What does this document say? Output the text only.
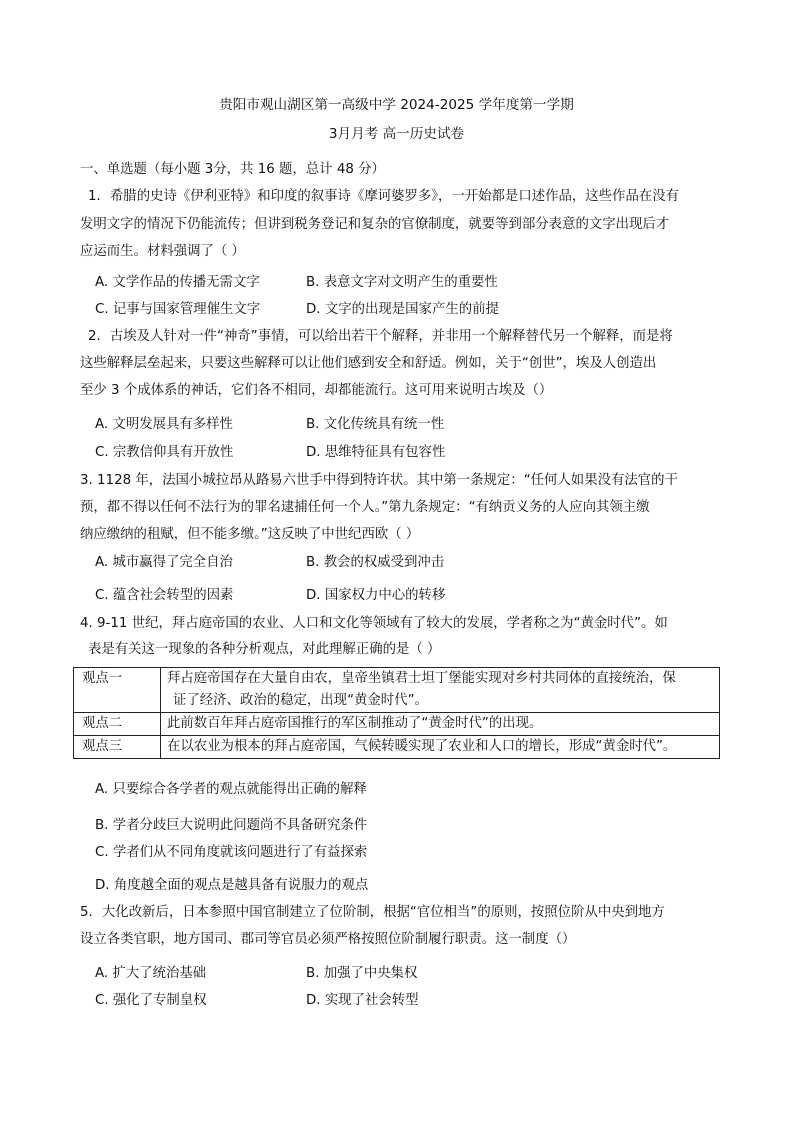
贵阳市观山湖区第一高级中学 2024-2025 学年度第一学期
3月月考 高一历史试卷
一、单选题（每小题 3分，共 16 题，总计 48 分）
1．希腊的史诗《伊利亚特》和印度的叙事诗《摩诃婆罗多》，一开始都是口述作品，这些作品在没有
发明文字的情况下仍能流传；但讲到税务登记和复杂的官僚制度，就要等到部分表意的文字出现后才
应运而生。材料强调了（ ）
A. 文学作品的传播无需文字	B. 表意文字对文明产生的重要性
C. 记事与国家管理催生文字	D. 文字的出现是国家产生的前提
2．古埃及人针对一件“神奇”事情，可以给出若干个解释，并非用一个解释替代另一个解释，而是将
这些解释层垒起来，只要这些解释可以让他们感到安全和舒适。例如，关于“创世”，埃及人创造出
至少 3 个成体系的神话，它们各不相同，却都能流行。这可用来说明古埃及（）
A. 文明发展具有多样性	B. 文化传统具有统一性
C. 宗教信仰具有开放性	D. 思维特征具有包容性
3. 1128 年，法国小城拉昂从路易六世手中得到特许状。其中第一条规定：“任何人如果没有法官的干
预，都不得以任何不法行为的罪名逮捕任何一个人。”第九条规定：“有纳贡义务的人应向其领主缴
纳应缴纳的租赋，但不能多缴。”这反映了中世纪西欧（ ）
A. 城市赢得了完全自治	B. 教会的权威受到冲击
C. 蕴含社会转型的因素	D. 国家权力中心的转移
4. 9-11 世纪，拜占庭帝国的农业、人口和文化等领域有了较大的发展，学者称之为“黄金时代”。如
表是有关这一现象的各种分析观点，对此理解正确的是（ ）
观点一	拜占庭帝国存在大量自由农，皇帝坐镇君士坦丁堡能实现对乡村共同体的直接统治，保
证了经济、政治的稳定，出现“黄金时代”。
观点二	此前数百年拜占庭帝国推行的军区制推动了“黄金时代”的出现。
观点三	在以农业为根本的拜占庭帝国，气候转暖实现了农业和人口的增长，形成“黄金时代”。
A. 只要综合各学者的观点就能得出正确的解释
B. 学者分歧巨大说明此问题尚不具备研究条件
C. 学者们从不同角度就该问题进行了有益探索
D. 角度越全面的观点是越具备有说服力的观点
5．大化改新后，日本参照中国官制建立了位阶制，根据“官位相当”的原则，按照位阶从中央到地方
设立各类官职，地方国司、郡司等官员必须严格按照位阶制履行职责。这一制度（）
A. 扩大了统治基础	B. 加强了中央集权
C. 强化了专制皇权	D. 实现了社会转型
